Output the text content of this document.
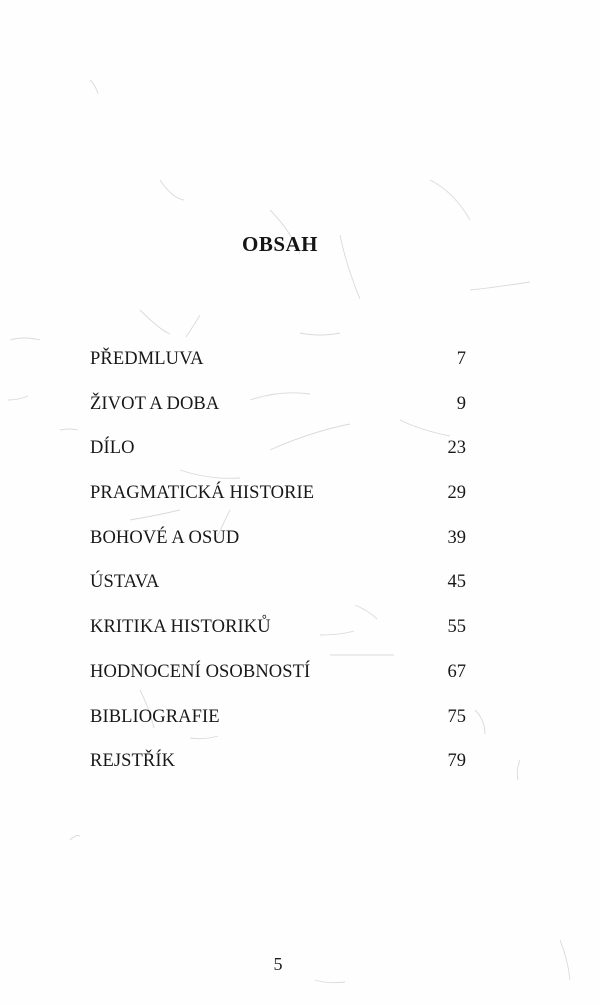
OBSAH
PŘEDMLUVA	7
ŽIVOT A DOBA	9
DÍLO	23
PRAGMATICKÁ HISTORIE	29
BOHOVÉ A OSUD	39
ÚSTAVA	45
KRITIKA HISTORIKŮ	55
HODNOCENÍ OSOBNOSTÍ	67
BIBLIOGRAFIE	75
REJSTŘÍK	79
5
